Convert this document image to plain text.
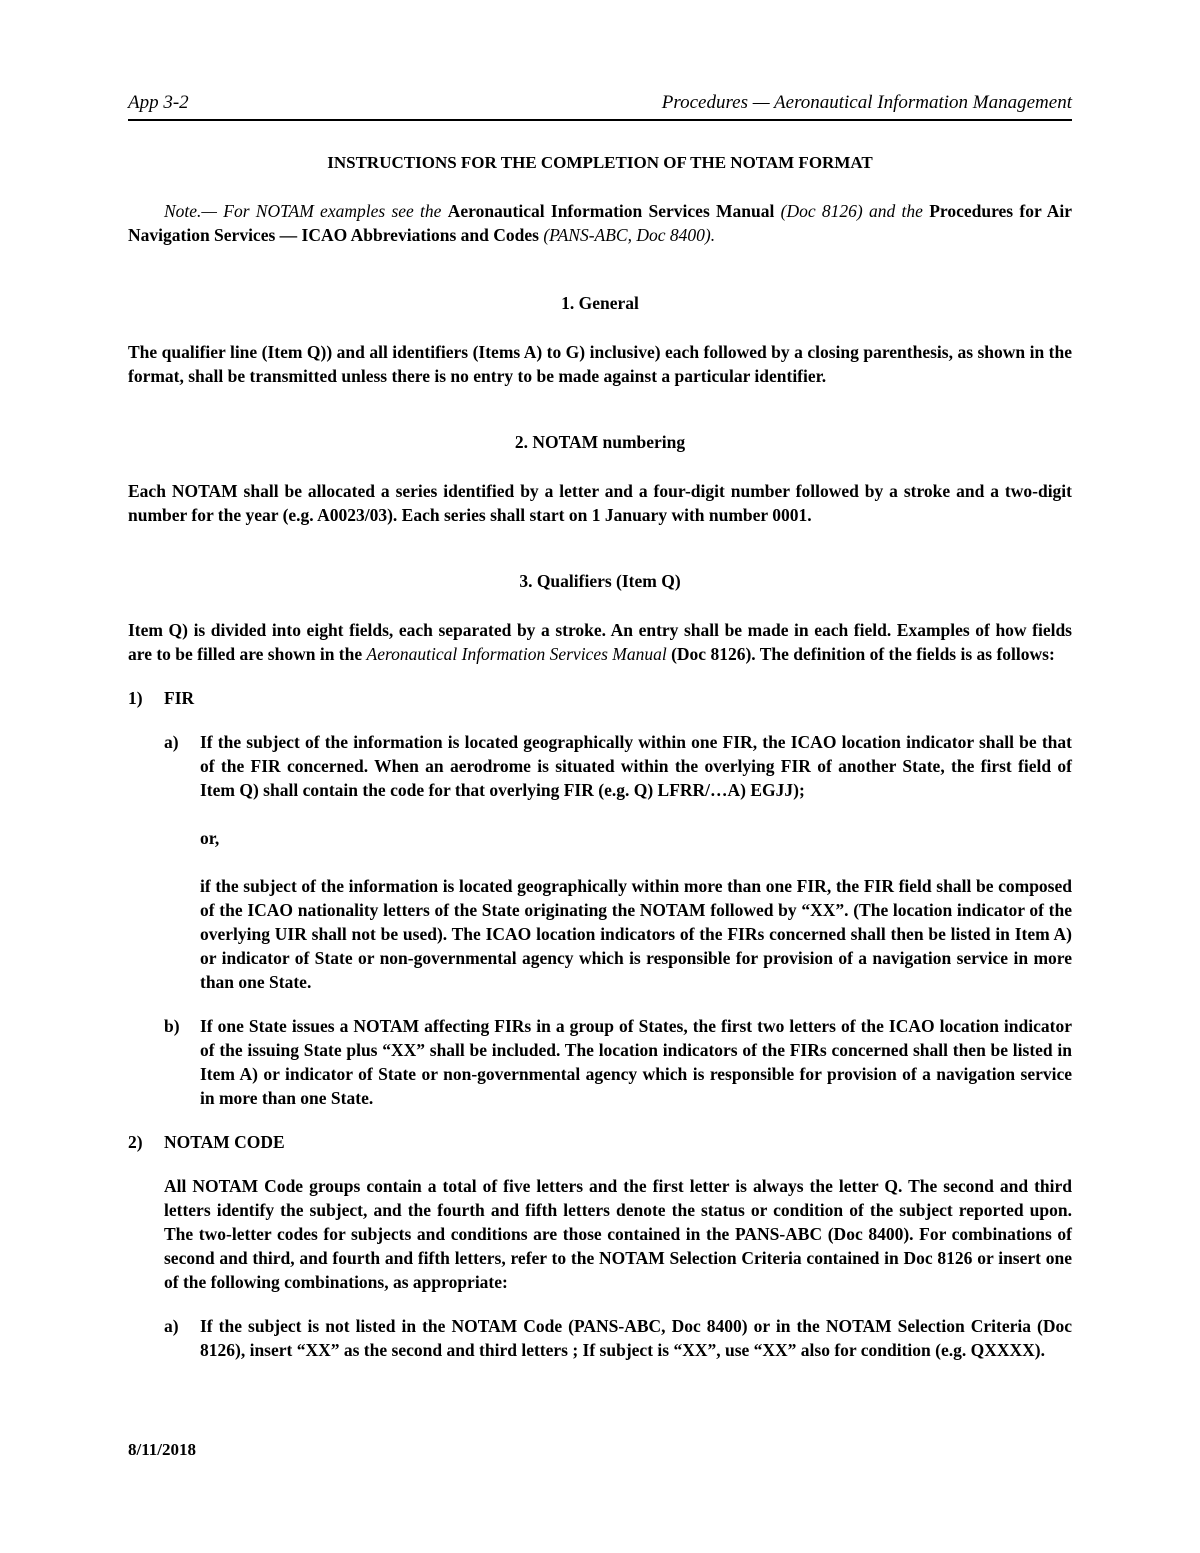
App 3-2	Procedures — Aeronautical Information Management
INSTRUCTIONS FOR THE COMPLETION OF THE NOTAM FORMAT
Note.— For NOTAM examples see the Aeronautical Information Services Manual (Doc 8126) and the Procedures for Air Navigation Services — ICAO Abbreviations and Codes (PANS-ABC, Doc 8400).
1. General

The qualifier line (Item Q)) and all identifiers (Items A) to G) inclusive) each followed by a closing parenthesis, as shown in the format, shall be transmitted unless there is no entry to be made against a particular identifier.

2. NOTAM numbering

Each NOTAM shall be allocated a series identified by a letter and a four-digit number followed by a stroke and a two-digit number for the year (e.g. A0023/03). Each series shall start on 1 January with number 0001.

3. Qualifiers (Item Q)

Item Q) is divided into eight fields, each separated by a stroke. An entry shall be made in each field. Examples of how fields are to be filled are shown in the Aeronautical Information Services Manual (Doc 8126). The definition of the fields is as follows:

1)	FIR
a)	If the subject of the information is located geographically within one FIR, the ICAO location indicator shall be that of the FIR concerned. When an aerodrome is situated within the overlying FIR of another State, the first field of Item Q) shall contain the code for that overlying FIR (e.g. Q) LFRR/…A) EGJJ);

or,

if the subject of the information is located geographically within more than one FIR, the FIR field shall be composed of the ICAO nationality letters of the State originating the NOTAM followed by “XX”. (The location indicator of the overlying UIR shall not be used). The ICAO location indicators of the FIRs concerned shall then be listed in Item A) or indicator of State or non-governmental agency which is responsible for provision of a navigation service in more than one State.

b)	If one State issues a NOTAM affecting FIRs in a group of States, the first two letters of the ICAO location indicator of the issuing State plus “XX” shall be included. The location indicators of the FIRs concerned shall then be listed in Item A) or indicator of State or non-governmental agency which is responsible for provision of a navigation service in more than one State.
2)	NOTAM CODE

All NOTAM Code groups contain a total of five letters and the first letter is always the letter Q. The second and third letters identify the subject, and the fourth and fifth letters denote the status or condition of the subject reported upon. The two-letter codes for subjects and conditions are those contained in the PANS-ABC (Doc 8400). For combinations of second and third, and fourth and fifth letters, refer to the NOTAM Selection Criteria contained in Doc 8126 or insert one of the following combinations, as appropriate:

a)	If the subject is not listed in the NOTAM Code (PANS-ABC, Doc 8400) or in the NOTAM Selection Criteria (Doc 8126), insert “XX” as the second and third letters ; If subject is “XX”, use “XX” also for condition (e.g. QXXXX).
8/11/2018
